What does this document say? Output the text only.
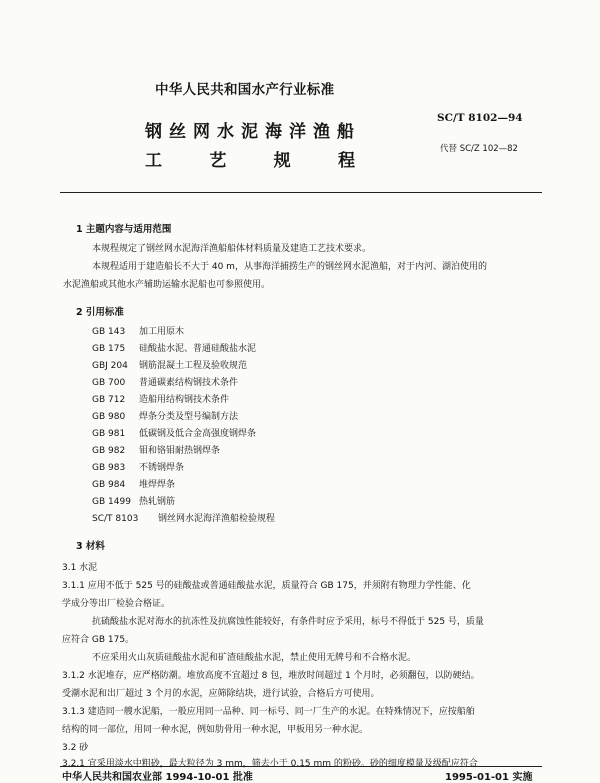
中华人民共和国水产行业标准
钢丝网水泥海洋渔船
工	艺	规	程
SC/T 8102—94
代替 SC/Z 102—82
1 主题内容与适用范围
本规程规定了钢丝网水泥海洋渔船船体材料质量及建造工艺技术要求。
本规程适用于建造船长不大于 40 m，从事海洋捕捞生产的钢丝网水泥渔船，对于内河、湖泊使用的
水泥渔船或其他水产辅助运输水泥船也可参照使用。
2 引用标准
GB 143 加工用原木
GB 175 硅酸盐水泥、普通硅酸盐水泥
GBJ 204 钢筋混凝土工程及验收规范
GB 700 普通碳素结构钢技术条件
GB 712 造船用结构钢技术条件
GB 980 焊条分类及型号编制方法
GB 981 低碳钢及低合金高强度钢焊条
GB 982 钼和铬钼耐热钢焊条
GB 983 不锈钢焊条
GB 984 堆焊焊条
GB 1499 热轧钢筋
SC/T 8103 钢丝网水泥海洋渔船检验规程
3 材料
3.1 水泥
3.1.1 应用不低于 525 号的硅酸盐或普通硅酸盐水泥，质量符合 GB 175，并须附有物理力学性能、化
学成分等出厂检验合格证。
抗硫酸盐水泥对海水的抗冻性及抗腐蚀性能较好，有条件时应予采用，标号不得低于 525 号，质量
应符合 GB 175。
不应采用火山灰质硅酸盐水泥和矿渣硅酸盐水泥，禁止使用无牌号和不合格水泥。
3.1.2 水泥堆存，应严格防潮。堆放高度不宜超过 8 包，堆放时间超过 1 个月时，必须翻包，以防硬结。
受潮水泥和出厂超过 3 个月的水泥，应筛除结块，进行试验，合格后方可使用。
3.1.3 建造同一艘水泥船，一般应用同一品种、同一标号、同一厂生产的水泥。在特殊情况下，应按船舶
结构的同一部位，用同一种水泥，例如肋骨用一种水泥，甲板用另一种水泥。
3.2 砂
3.2.1 宜采用淡水中粗砂，最大粒径为 3 mm，筛去小于 0.15 mm 的粉砂。砂的细度模量及级配应符合
中华人民共和国农业部 1994-10-01 批准	1995-01-01 实施
